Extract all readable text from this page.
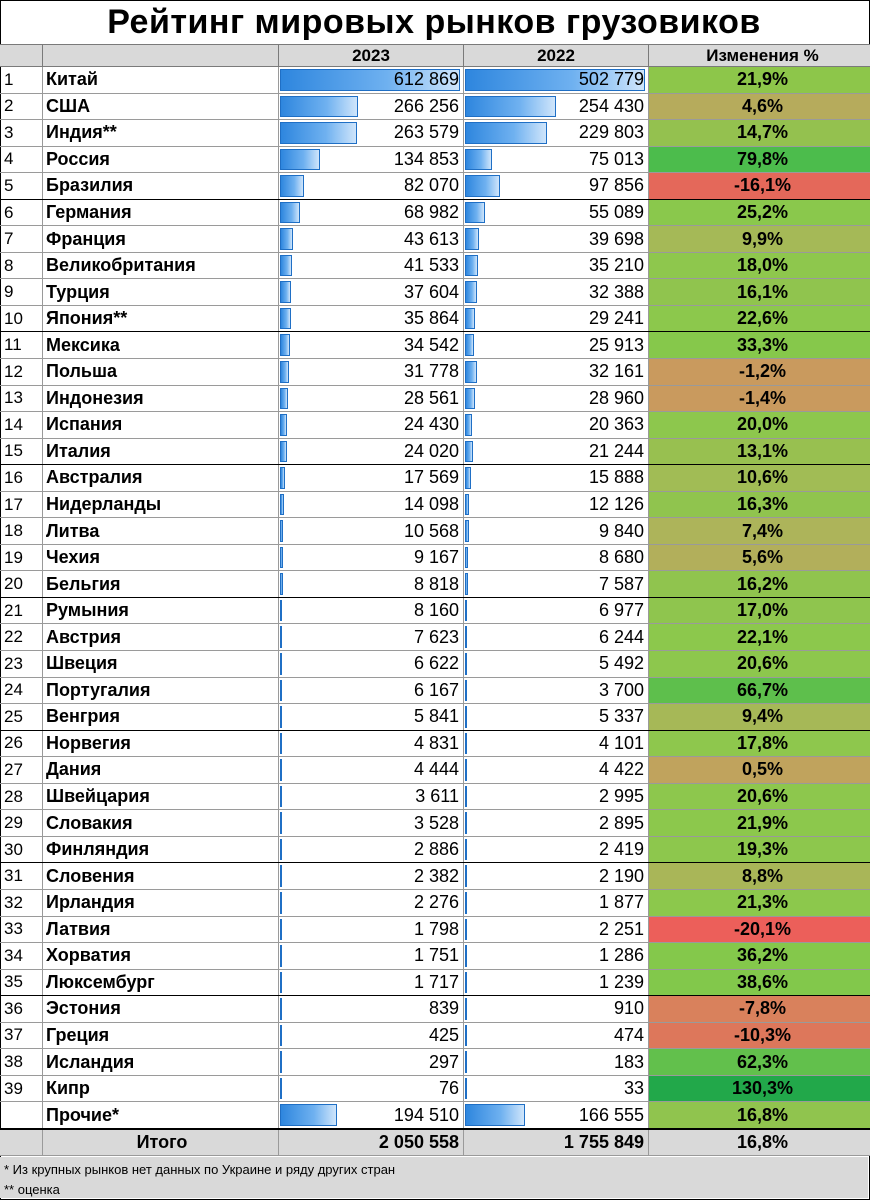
Рейтинг мировых рынков грузовиков
		2023	2022	Изменения %
1	Китай	612 869	502 779	21,9%
2	США	266 256	254 430	4,6%
3	Индия**	263 579	229 803	14,7%
4	Россия	134 853	75 013	79,8%
5	Бразилия	82 070	97 856	-16,1%
6	Германия	68 982	55 089	25,2%
7	Франция	43 613	39 698	9,9%
8	Великобритания	41 533	35 210	18,0%
9	Турция	37 604	32 388	16,1%
10	Япония**	35 864	29 241	22,6%
11	Мексика	34 542	25 913	33,3%
12	Польша	31 778	32 161	-1,2%
13	Индонезия	28 561	28 960	-1,4%
14	Испания	24 430	20 363	20,0%
15	Италия	24 020	21 244	13,1%
16	Австралия	17 569	15 888	10,6%
17	Нидерланды	14 098	12 126	16,3%
18	Литва	10 568	9 840	7,4%
19	Чехия	9 167	8 680	5,6%
20	Бельгия	8 818	7 587	16,2%
21	Румыния	8 160	6 977	17,0%
22	Австрия	7 623	6 244	22,1%
23	Швеция	6 622	5 492	20,6%
24	Португалия	6 167	3 700	66,7%
25	Венгрия	5 841	5 337	9,4%
26	Норвегия	4 831	4 101	17,8%
27	Дания	4 444	4 422	0,5%
28	Швейцария	3 611	2 995	20,6%
29	Словакия	3 528	2 895	21,9%
30	Финляндия	2 886	2 419	19,3%
31	Словения	2 382	2 190	8,8%
32	Ирландия	2 276	1 877	21,3%
33	Латвия	1 798	2 251	-20,1%
34	Хорватия	1 751	1 286	36,2%
35	Люксембург	1 717	1 239	38,6%
36	Эстония	839	910	-7,8%
37	Греция	425	474	-10,3%
38	Исландия	297	183	62,3%
39	Кипр	76	33	130,3%
	Прочие*	194 510	166 555	16,8%
	Итого	2 050 558	1 755 849	16,8%
* Из крупных рынков нет данных по Украине и ряду других стран
** оценка
